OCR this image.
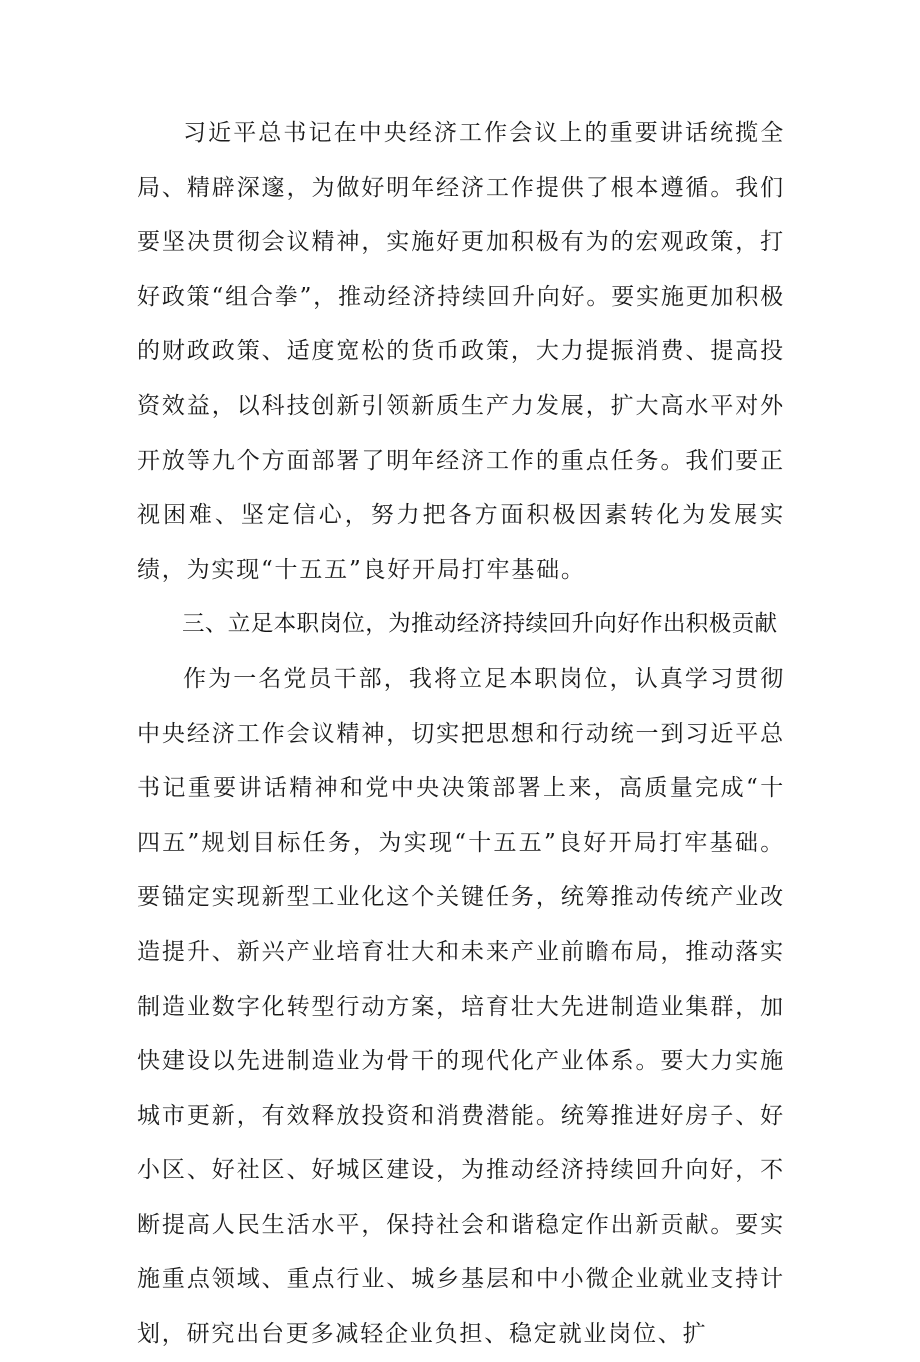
习近平总书记在中央经济工作会议上的重要讲话统揽全局、精辟深邃，为做好明年经济工作提供了根本遵循。我们要坚决贯彻会议精神，实施好更加积极有为的宏观政策，打好政策“组合拳”，推动经济持续回升向好。要实施更加积极的财政政策、适度宽松的货币政策，大力提振消费、提高投资效益，以科技创新引领新质生产力发展，扩大高水平对外开放等九个方面部署了明年经济工作的重点任务。我们要正视困难、坚定信心，努力把各方面积极因素转化为发展实绩，为实现“十五五”良好开局打牢基础。

三、立足本职岗位，为推动经济持续回升向好作出积极贡献

作为一名党员干部，我将立足本职岗位，认真学习贯彻中央经济工作会议精神，切实把思想和行动统一到习近平总书记重要讲话精神和党中央决策部署上来，高质量完成“十四五”规划目标任务，为实现“十五五”良好开局打牢基础。要锚定实现新型工业化这个关键任务，统筹推动传统产业改造提升、新兴产业培育壮大和未来产业前瞻布局，推动落实制造业数字化转型行动方案，培育壮大先进制造业集群，加快建设以先进制造业为骨干的现代化产业体系。要大力实施城市更新，有效释放投资和消费潜能。统筹推进好房子、好小区、好社区、好城区建设，为推动经济持续回升向好，不断提高人民生活水平，保持社会和谐稳定作出新贡献。要实施重点领域、重点行业、城乡基层和中小微企业就业支持计划，研究出台更多减轻企业负担、稳定就业岗位、扩
